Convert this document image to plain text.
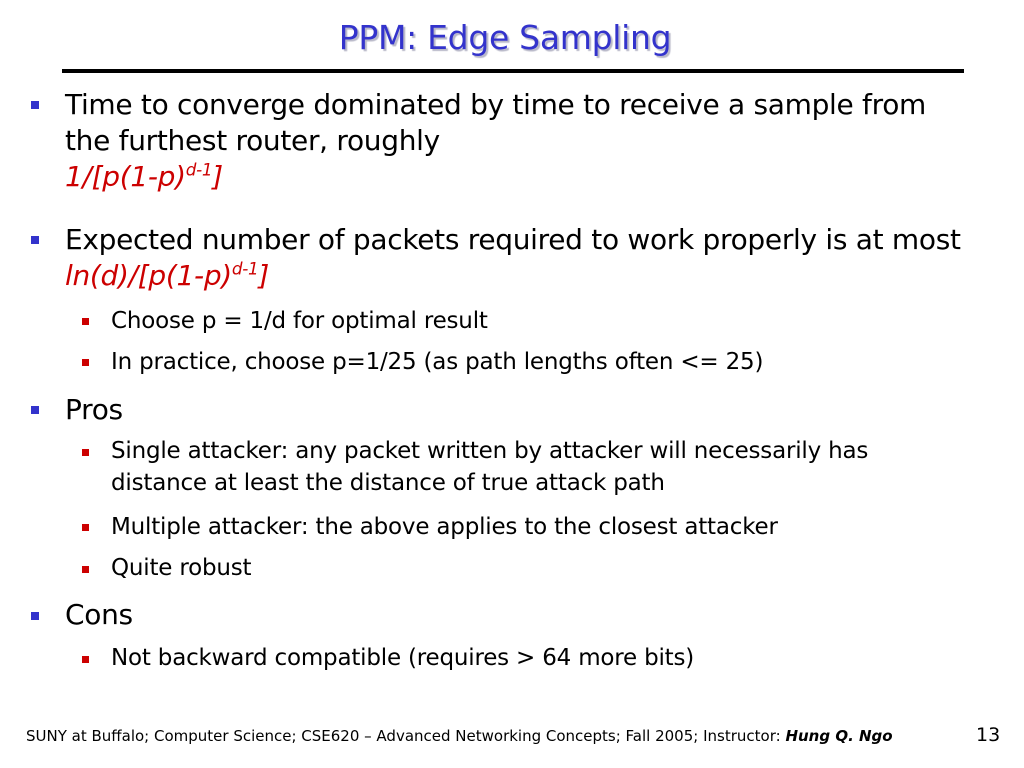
PPM: Edge Sampling
Time to converge dominated by time to receive a sample from the furthest router, roughly
$1/[p(1-p)^{d-1}]$
Expected number of packets required to work properly is at most $\ln(d)/[p(1-p)^{d-1}]$
Choose p = 1/d for optimal result
In practice, choose p=1/25 (as path lengths often <= 25)
Pros
Single attacker: any packet written by attacker will necessarily has distance at least the distance of true attack path
Multiple attacker: the above applies to the closest attacker
Quite robust
Cons
Not backward compatible (requires > 64 more bits)
SUNY at Buffalo; Computer Science; CSE620 – Advanced Networking Concepts; Fall 2005; Instructor: Hung Q. Ngo	13
